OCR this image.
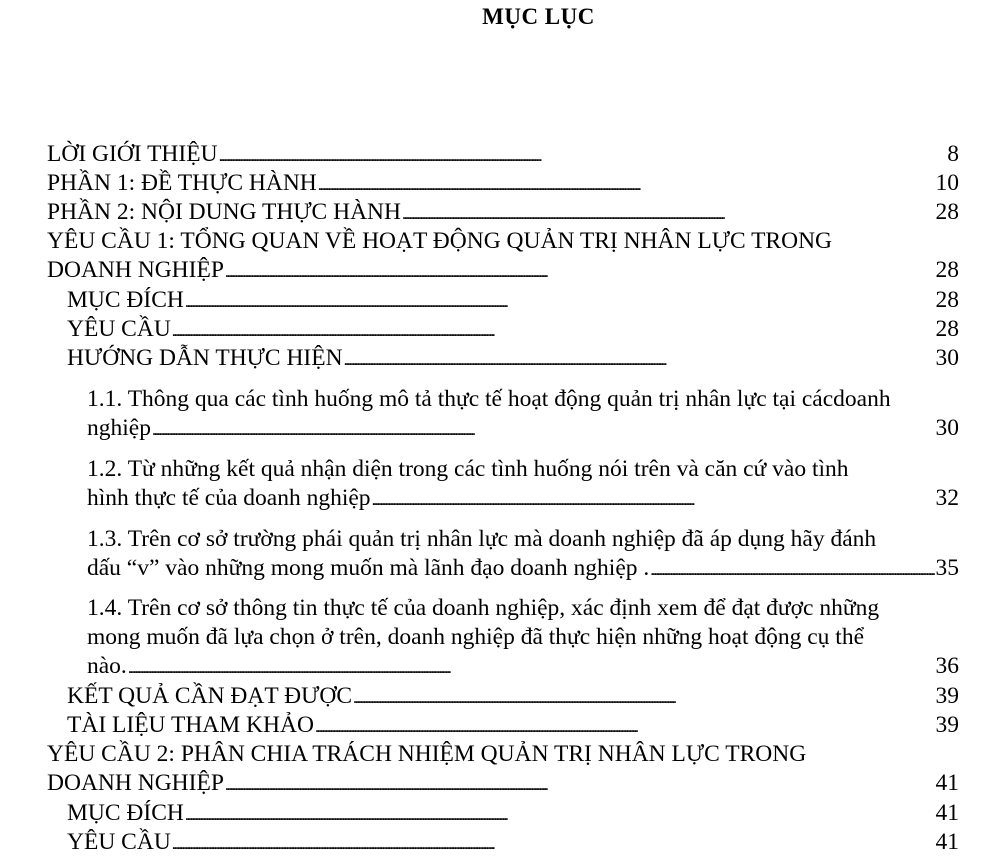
MỤC LỤC
LỜI GIỚI THIỆU . . .	8
PHẦN 1: ĐỀ THỰC HÀNH . . .	10
PHẦN 2: NỘI DUNG THỰC HÀNH . . .	28
YÊU CẦU 1: TỔNG QUAN VỀ HOẠT ĐỘNG QUẢN TRỊ NHÂN LỰC TRONG
DOANH NGHIỆP . . .	28
MỤC ĐÍCH . . .	28
YÊU CẦU . . .	28
HƯỚNG DẪN THỰC HIỆN . . .	30
1.1. Thông qua các tình huống mô tả thực tế hoạt động quản trị nhân lực tại cácdoanh
nghiệp . . .	30
1.2. Từ những kết quả nhận diện trong các tình huống nói trên và căn cứ vào tình
hình thực tế của doanh nghiệp . . .	32
1.3. Trên cơ sở trường phái quản trị nhân lực mà doanh nghiệp đã áp dụng hãy đánh
dấu “v” vào những mong muốn mà lãnh đạo doanh nghiệp . . . .	35
1.4. Trên cơ sở thông tin thực tế của doanh nghiệp, xác định xem để đạt được những
mong muốn đã lựa chọn ở trên, doanh nghiệp đã thực hiện những hoạt động cụ thể
nào. . . .	36
KẾT QUẢ CẦN ĐẠT ĐƯỢC . . .	39
TÀI LIỆU THAM KHẢO . . .	39
YÊU CẦU 2: PHÂN CHIA TRÁCH NHIỆM QUẢN TRỊ NHÂN LỰC TRONG
DOANH NGHIỆP . . .	41
MỤC ĐÍCH . . .	41
YÊU CẦU . . .	41
